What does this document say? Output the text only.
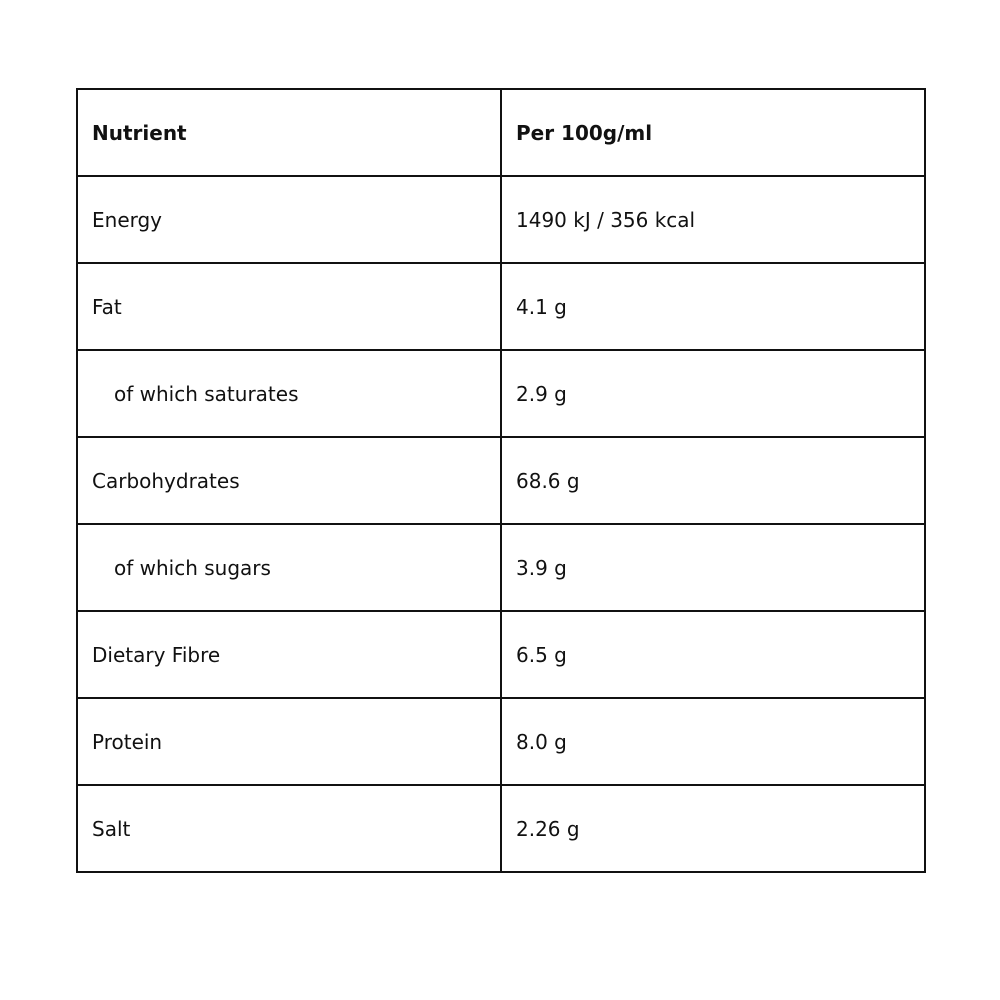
Nutrient	Per 100g/ml
Energy	1490 kJ / 356 kcal
Fat	4.1 g
of which saturates	2.9 g
Carbohydrates	68.6 g
of which sugars	3.9 g
Dietary Fibre	6.5 g
Protein	8.0 g
Salt	2.26 g
